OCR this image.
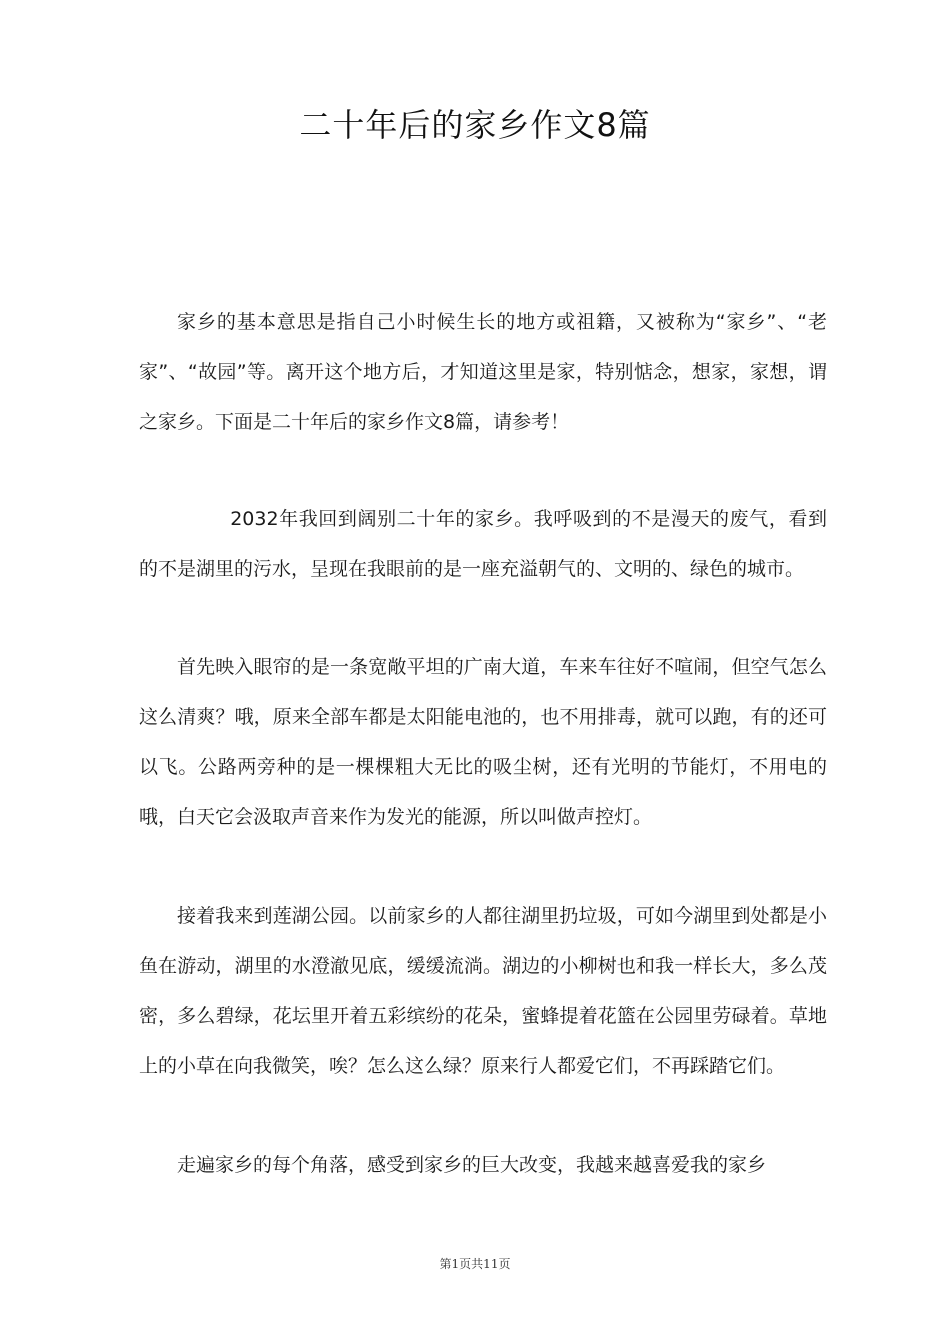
二十年后的家乡作文8篇
家乡的基本意思是指自己小时候生长的地方或祖籍，又被称为“家乡”、“老家”、“故园”等。离开这个地方后，才知道这里是家，特别惦念，想家，家想，谓之家乡。下面是二十年后的家乡作文8篇，请参考！
2032年我回到阔别二十年的家乡。我呼吸到的不是漫天的废气，看到的不是湖里的污水，呈现在我眼前的是一座充溢朝气的、文明的、绿色的城市。
首先映入眼帘的是一条宽敞平坦的广南大道，车来车往好不喧闹，但空气怎么这么清爽？哦，原来全部车都是太阳能电池的，也不用排毒，就可以跑，有的还可以飞。公路两旁种的是一棵棵粗大无比的吸尘树，还有光明的节能灯，不用电的哦，白天它会汲取声音来作为发光的能源，所以叫做声控灯。
接着我来到莲湖公园。以前家乡的人都往湖里扔垃圾，可如今湖里到处都是小鱼在游动，湖里的水澄澈见底，缓缓流淌。湖边的小柳树也和我一样长大，多么茂密，多么碧绿，花坛里开着五彩缤纷的花朵，蜜蜂提着花篮在公园里劳碌着。草地上的小草在向我微笑，唉？怎么这么绿？原来行人都爱它们，不再踩踏它们。
走遍家乡的每个角落，感受到家乡的巨大改变，我越来越喜爱我的家乡
第1页共11页
